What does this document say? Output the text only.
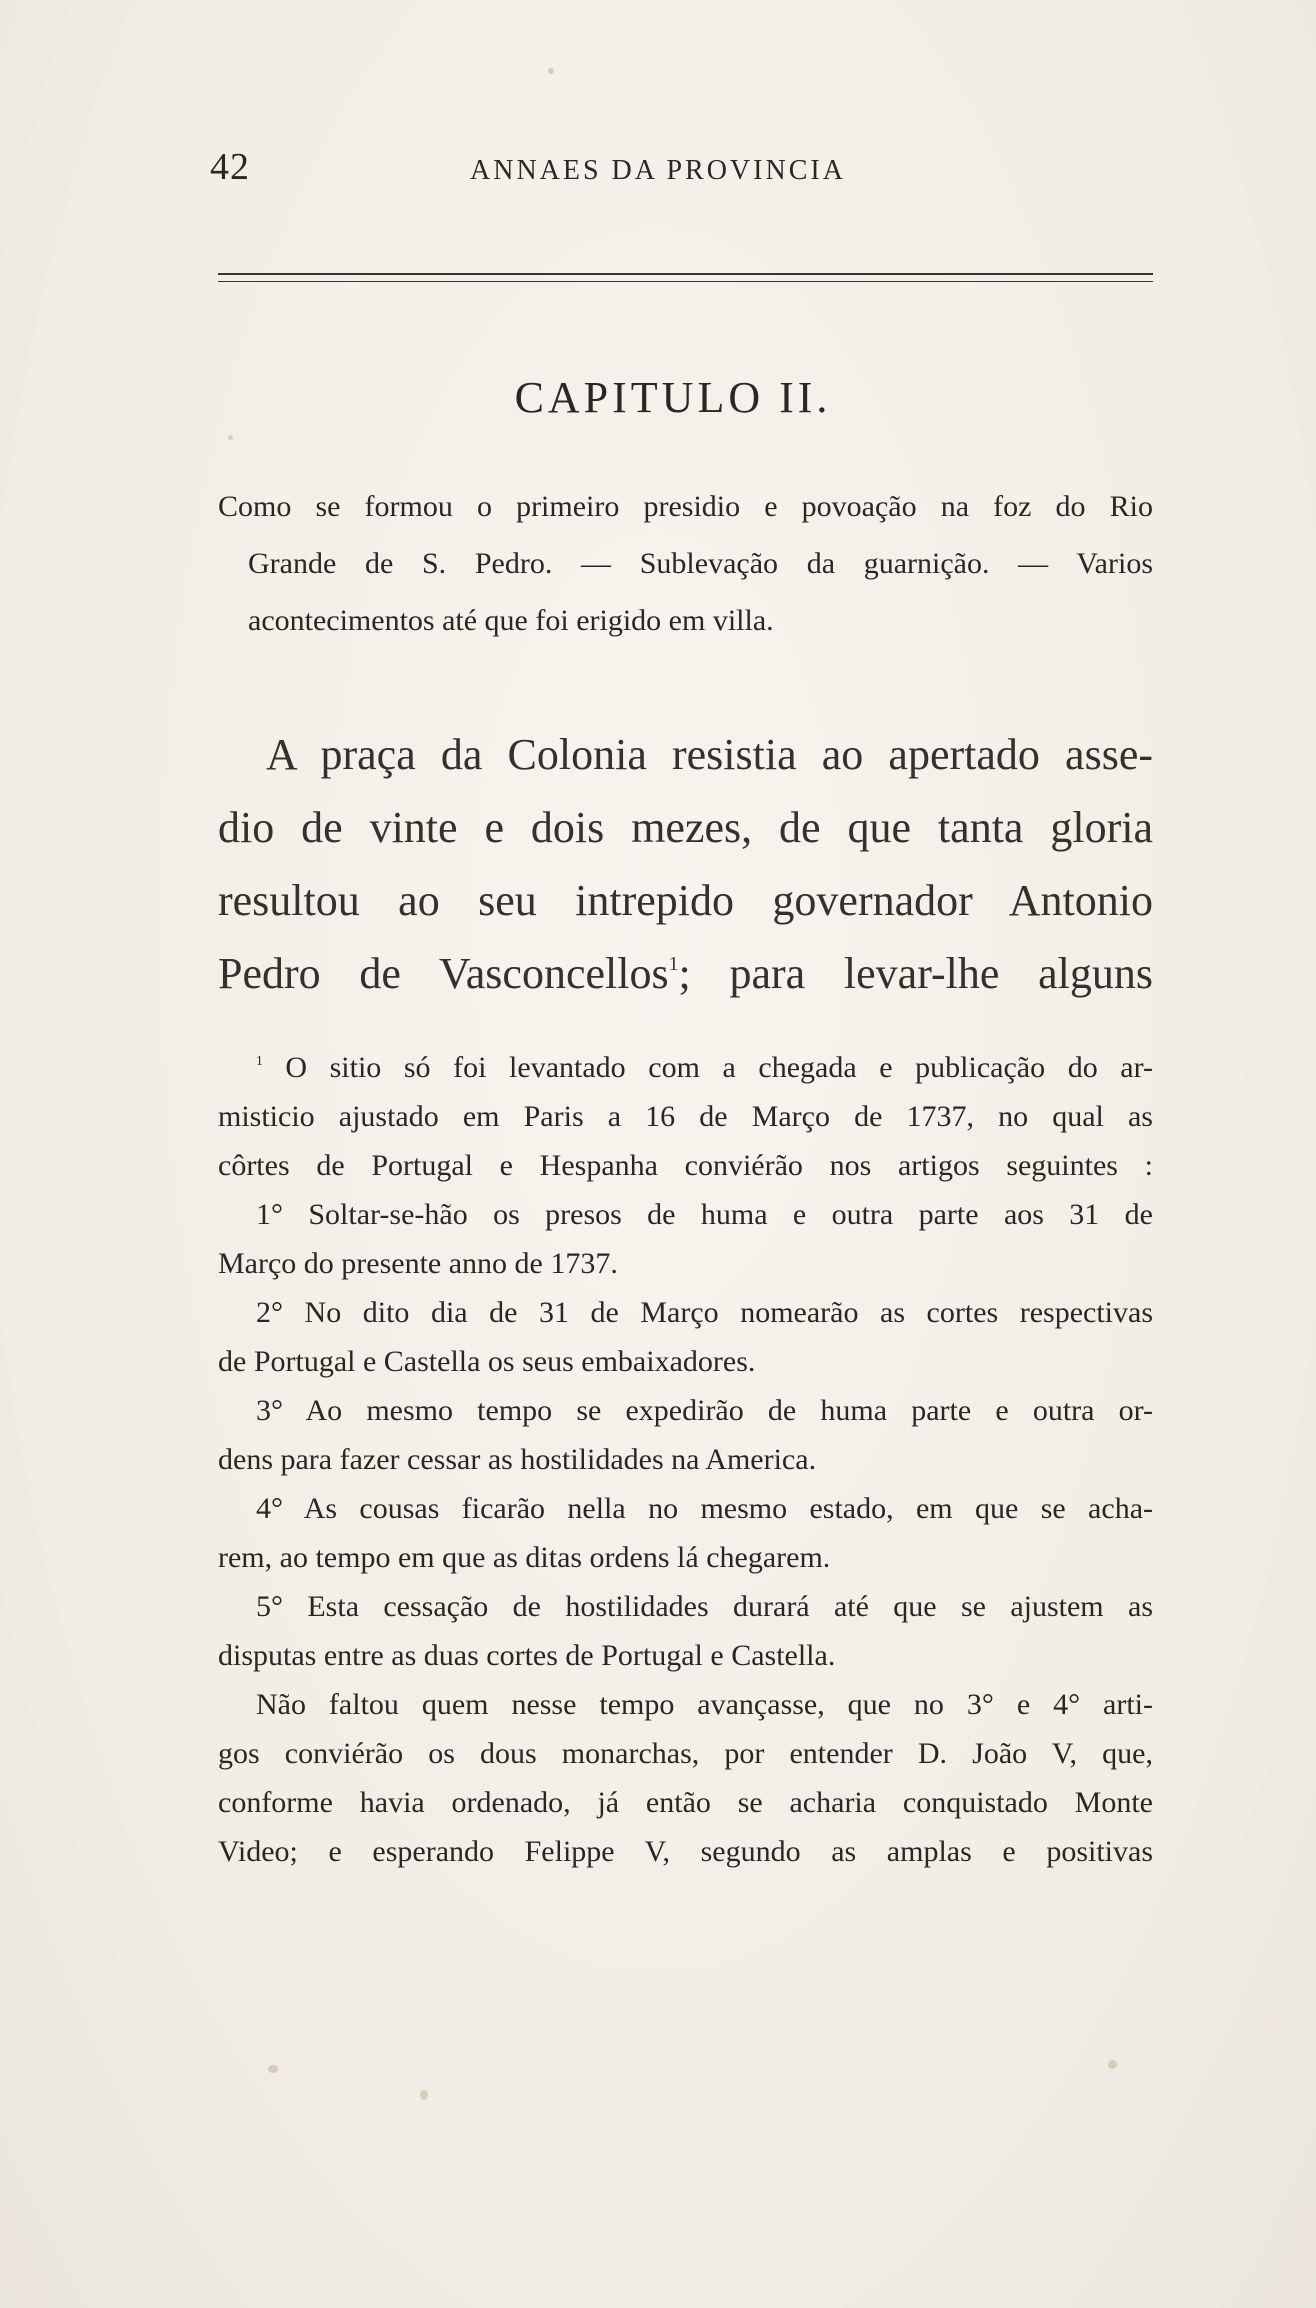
42	ANNAES DA PROVINCIA
CAPITULO II.
Como se formou o primeiro presidio e povoação na foz do Rio
Grande de S. Pedro. — Sublevação da guarnição. — Varios
acontecimentos até que foi erigido em villa.
A praça da Colonia resistia ao apertado asse-
dio de vinte e dois mezes, de que tanta gloria
resultou ao seu intrepido governador Antonio
Pedro de Vasconcellos$^1$; para levar-lhe alguns
$^1$ O sitio só foi levantado com a chegada e publicação do ar-
misticio ajustado em Paris a 16 de Março de 1737, no qual as
côrtes de Portugal e Hespanha conviérão nos artigos seguintes :
1° Soltar-se-hão os presos de huma e outra parte aos 31 de
Março do presente anno de 1737.
2° No dito dia de 31 de Março nomearão as cortes respectivas
de Portugal e Castella os seus embaixadores.
3° Ao mesmo tempo se expedirão de huma parte e outra or-
dens para fazer cessar as hostilidades na America.
4° As cousas ficarão nella no mesmo estado, em que se acha-
rem, ao tempo em que as ditas ordens lá chegarem.
5° Esta cessação de hostilidades durará até que se ajustem as
disputas entre as duas cortes de Portugal e Castella.
Não faltou quem nesse tempo avançasse, que no 3° e 4° arti-
gos conviérão os dous monarchas, por entender D. João V, que,
conforme havia ordenado, já então se acharia conquistado Monte
Video; e esperando Felippe V, segundo as amplas e positivas
